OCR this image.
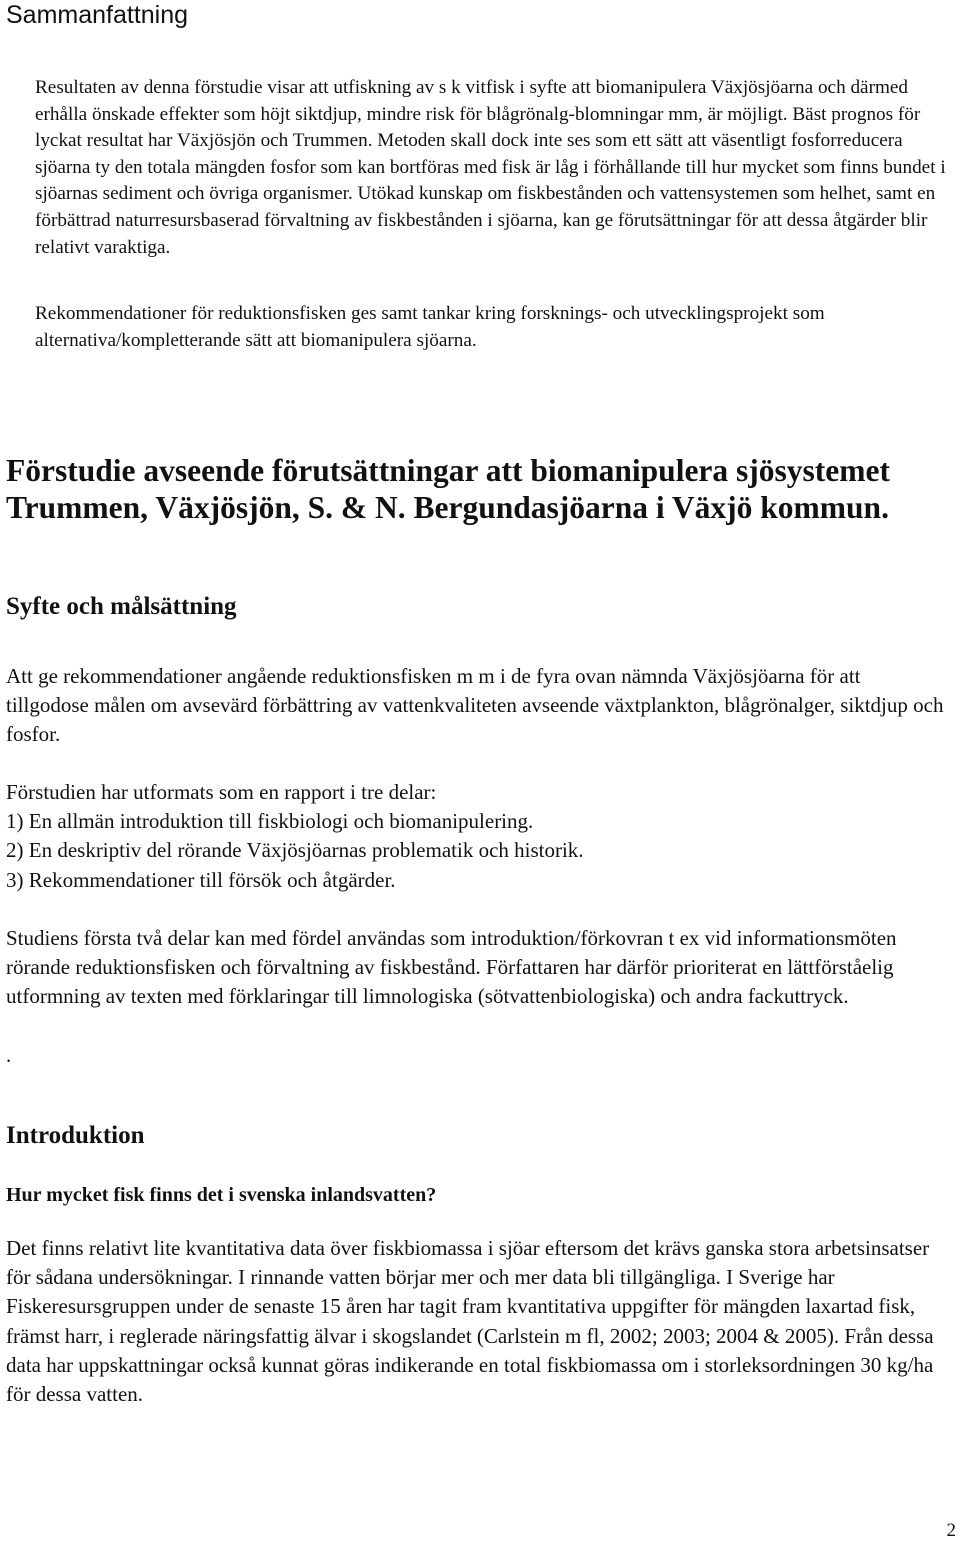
Sammanfattning

Resultaten av denna förstudie visar att utfiskning av s k vitfisk i syfte att biomanipulera Växjösjöarna och därmed erhålla önskade effekter som höjt siktdjup, mindre risk för blågrönalg-blomningar mm, är möjligt. Bäst prognos för lyckat resultat har Växjösjön och Trummen. Metoden skall dock inte ses som ett sätt att väsentligt fosforreducera sjöarna ty den totala mängden fosfor som kan bortföras med fisk är låg i förhållande till hur mycket som finns bundet i sjöarnas sediment och övriga organismer. Utökad kunskap om fiskbestånden och vattensystemen som helhet, samt en förbättrad naturresursbaserad förvaltning av fiskbestånden i sjöarna, kan ge förutsättningar för att dessa åtgärder blir relativt varaktiga.

Rekommendationer för reduktionsfisken ges samt tankar kring forsknings- och utvecklingsprojekt som alternativa/kompletterande sätt att biomanipulera sjöarna.

Förstudie avseende förutsättningar att biomanipulera sjösystemet Trummen, Växjösjön, S. & N. Bergundasjöarna i Växjö kommun.
Syfte och målsättning

Att ge rekommendationer angående reduktionsfisken m m i de fyra ovan nämnda Växjösjöarna för att tillgodose målen om avsevärd förbättring av vattenkvaliteten avseende växtplankton, blågrönalger, siktdjup och fosfor.

Förstudien har utformats som en rapport i tre delar:
1) En allmän introduktion till fiskbiologi och biomanipulering.
2) En deskriptiv del rörande Växjösjöarnas problematik och historik.
3) Rekommendationer till försök och åtgärder.

Studiens första två delar kan med fördel användas som introduktion/förkovran t ex vid informationsmöten rörande reduktionsfisken och förvaltning av fiskbestånd. Författaren har därför prioriterat en lättförståelig utformning av texten med förklaringar till limnologiska (sötvattenbiologiska) och andra fackuttryck.

.
Introduktion
Hur mycket fisk finns det i svenska inlandsvatten?

Det finns relativt lite kvantitativa data över fiskbiomassa i sjöar eftersom det krävs ganska stora arbetsinsatser för sådana undersökningar. I rinnande vatten börjar mer och mer data bli tillgängliga. I Sverige har Fiskeresursgruppen under de senaste 15 åren har tagit fram kvantitativa uppgifter för mängden laxartad fisk, främst harr, i reglerade näringsfattig älvar i skogslandet (Carlstein m fl, 2002; 2003; 2004 & 2005). Från dessa data har uppskattningar också kunnat göras indikerande en total fiskbiomassa om i storleksordningen 30 kg/ha för dessa vatten.

2
